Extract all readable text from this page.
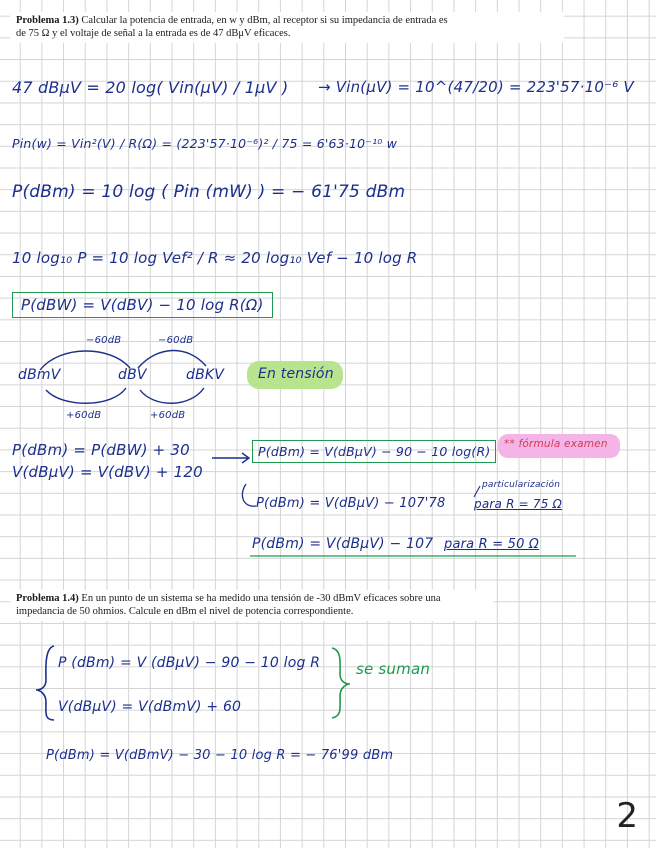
Problema 1.3) Calcular la potencia de entrada, en w y dBm, al receptor si su impedancia de entrada es
de 75 Ω y el voltaje de señal a la entrada es de 47 dBμV eficaces.
47 dBμV = 20 log( Vin(μV) / 1μV ) → Vin(μV) = 10^(47/20) = 223'57·10⁻⁶ V
Pin(w) = Vin²(V) / R(Ω) = (223'57·10⁻⁶)² / 75 = 6'63·10⁻¹⁰ w
P(dBm) = 10 log ( Pin (mW) ) = − 61'75 dBm
10 log₁₀ P = 10 log Vef² / R ≈ 20 log₁₀ Vef − 10 log R
P(dBW) = V(dBV) − 10 log R(Ω)
−60dB	−60dB
dBmV	dBV	dBKV
+60dB	+60dB
En tensión
P(dBm) = P(dBW) + 30
V(dBμV) = V(dBV) + 120
P(dBm) = V(dBμV) − 90 − 10 log(R)	** fórmula examen
particularización
P(dBm) = V(dBμV) − 107'78 para R = 75 Ω
P(dBm) = V(dBμV) − 107 para R = 50 Ω
Problema 1.4) En un punto de un sistema se ha medido una tensión de -30 dBmV eficaces sobre una
impedancia de 50 ohmios. Calcule en dBm el nivel de potencia correspondiente.
P (dBm) = V (dBμV) − 90 − 10 log R
V(dBμV) = V(dBmV) + 60
se suman
P(dBm) = V(dBmV) − 30 − 10 log R = − 76'99 dBm
2
